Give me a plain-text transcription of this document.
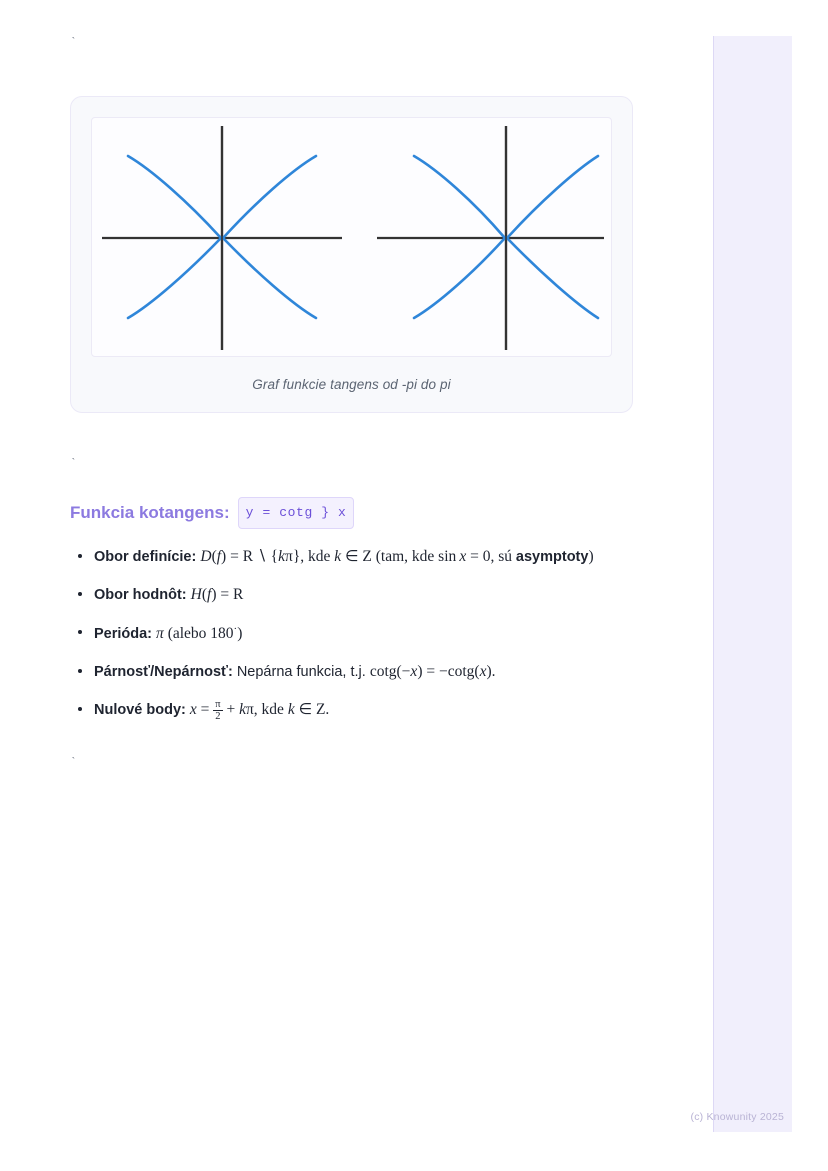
`
Graf funkcie tangens od -pi do pi
`
Funkcia kotangens:	y = cotg } x
Obor definície: D(f) = R ∖ {kπ}, kde k ∈ Z (tam, kde sin x = 0, sú asymptoty)
Obor hodnôt: H(f) = R
Perióda: π (alebo 180·)
Párnosť/Nepárnosť: Nepárna funkcia, t.j. cotg(−x) = −cotg(x).
Nulové body: $x = \frac{\pi}{2} + k\pi$, kde k ∈ Z.
`
(c) Knowunity 2025
